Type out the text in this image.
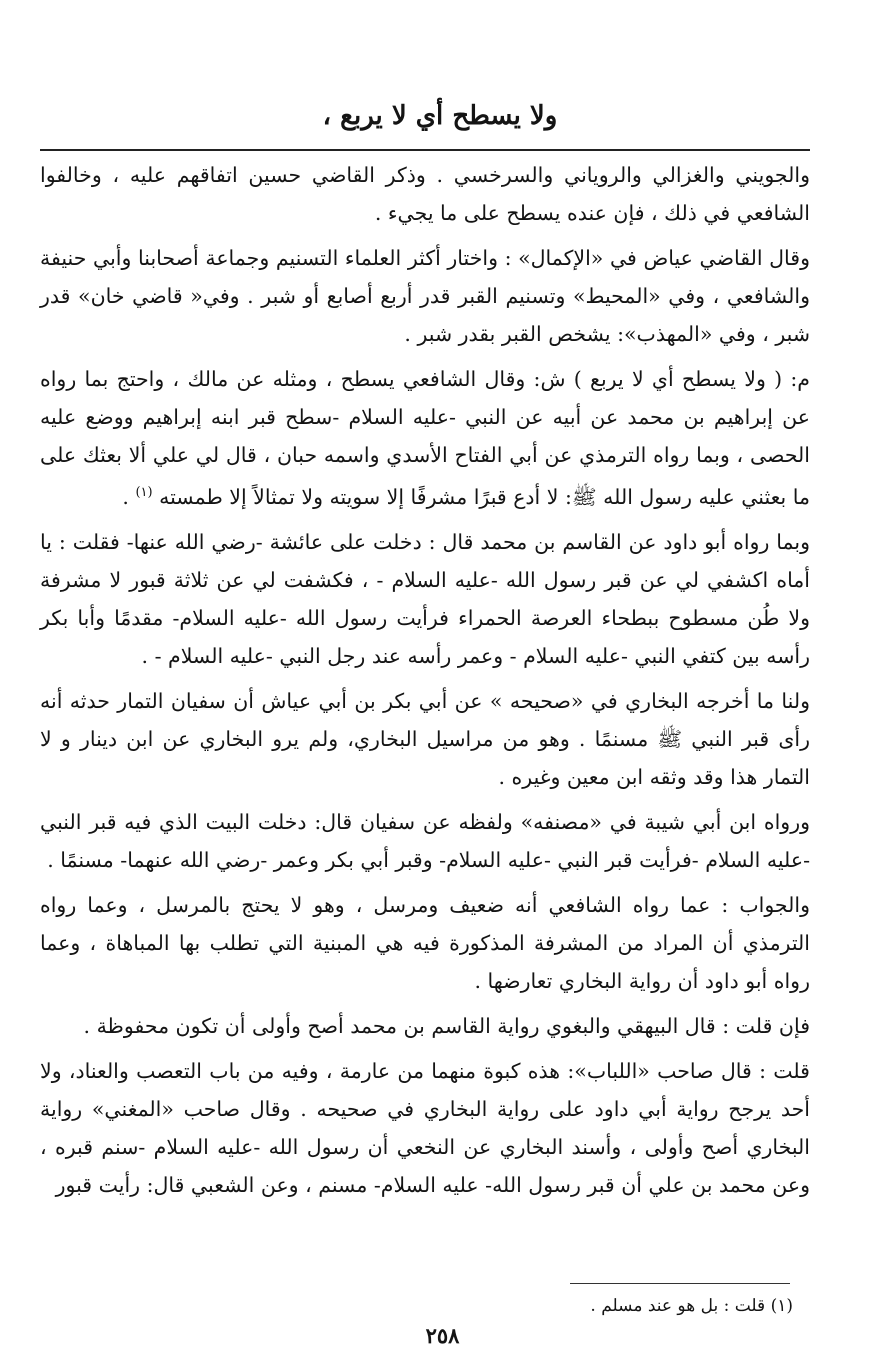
ولا يسطح أي لا يربع ،

والجويني والغزالي والروياني والسرخسي . وذكر القاضي حسين اتفاقهم عليه ، وخالفوا الشافعي في ذلك ، فإن عنده يسطح على ما يجيء .

وقال القاضي عياض في «الإكمال» : واختار أكثر العلماء التسنيم وجماعة أصحابنا وأبي حنيفة والشافعي ، وفي «المحيط» وتسنيم القبر قدر أربع أصابع أو شبر . وفي« قاضي خان» قدر شبر ، وفي «المهذب»: يشخص القبر بقدر شبر .

م: ( ولا يسطح أي لا يربع ) ش: وقال الشافعي يسطح ، ومثله عن مالك ، واحتج بما رواه عن إبراهيم بن محمد عن أبيه عن النبي -عليه السلام -سطح قبر ابنه إبراهيم ووضع عليه الحصى ، وبما رواه الترمذي عن أبي الفتاح الأسدي واسمه حبان ، قال لي علي ألا بعثك على ما بعثني عليه رسول الله ﷺ: لا أدع قبرًا مشرفًا إلا سويته ولا تمثالاً إلا طمسته $^{(١)}$ .

وبما رواه أبو داود عن القاسم بن محمد قال : دخلت على عائشة -رضي الله عنها- فقلت : يا أماه اكشفي لي عن قبر رسول الله -عليه السلام - ، فكشفت لي عن ثلاثة قبور لا مشرفة ولا طُن مسطوح ببطحاء العرصة الحمراء فرأيت رسول الله -عليه السلام- مقدمًا وأبا بكر رأسه بين كتفي النبي -عليه السلام - وعمر رأسه عند رجل النبي -عليه السلام - .

ولنا ما أخرجه البخاري في «صحيحه » عن أبي بكر بن أبي عياش أن سفيان التمار حدثه أنه رأى قبر النبي ﷺ مسنمًا . وهو من مراسيل البخاري، ولم يرو البخاري عن ابن دينار و لا التمار هذا وقد وثقه ابن معين وغيره .

ورواه ابن أبي شيبة في «مصنفه» ولفظه عن سفيان قال: دخلت البيت الذي فيه قبر النبي -عليه السلام -فرأيت قبر النبي -عليه السلام- وقبر أبي بكر وعمر -رضي الله عنهما- مسنمًا .

والجواب : عما رواه الشافعي أنه ضعيف ومرسل ، وهو لا يحتج بالمرسل ، وعما رواه الترمذي أن المراد من المشرفة المذكورة فيه هي المبنية التي تطلب بها المباهاة ، وعما رواه أبو داود أن رواية البخاري تعارضها .

فإن قلت : قال البيهقي والبغوي رواية القاسم بن محمد أصح وأولى أن تكون محفوظة .

قلت : قال صاحب «اللباب»: هذه كبوة منهما من عارمة ، وفيه من باب التعصب والعناد، ولا أحد يرجح رواية أبي داود على رواية البخاري في صحيحه . وقال صاحب «المغني» رواية البخاري أصح وأولى ، وأسند البخاري عن النخعي أن رسول الله -عليه السلام -سنم قبره ، وعن محمد بن علي أن قبر رسول الله- عليه السلام- مسنم ، وعن الشعبي قال: رأيت قبور

(١) قلت : بل هو عند مسلم .
٢٥٨
